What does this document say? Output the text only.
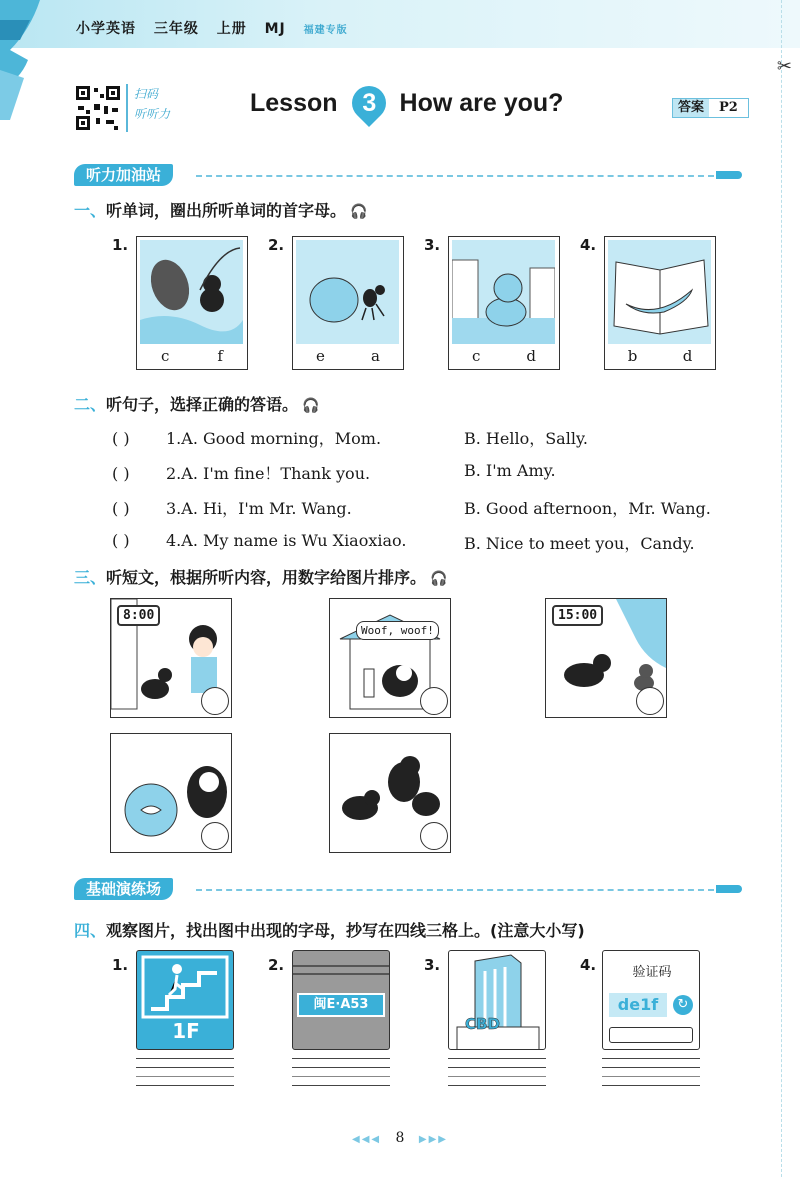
小学英语 三年级 上册 MJ 福建专版
✂
扫码
听听力	Lesson 3 How are you?	答案	P2
听力加油站
一、听单词，圈出所听单词的首字母。 🎧
1.
c	f
2.
e	a
3.
c	d
4.
b	d
二、听句子，选择正确的答语。 🎧
( ) 1.A. Good morning，Mom.	B. Hello，Sally.
( ) 2.A. I'm fine！Thank you.	B. I'm Amy.
( ) 3.A. Hi，I'm Mr. Wang.	B. Good afternoon，Mr. Wang.
( ) 4.A. My name is Wu Xiaoxiao.	B. Nice to meet you，Candy.
三、听短文，根据所听内容，用数字给图片排序。 🎧
8:00
Woof, woof!
15:00
基础演练场
四、观察图片，找出图中出现的字母，抄写在四线三格上。(注意大小写)
1.
1F
2.
闽E·A53
3.
CBD
4.	验证码
de1f	↻
◀◀◀ 8 ▶▶▶
